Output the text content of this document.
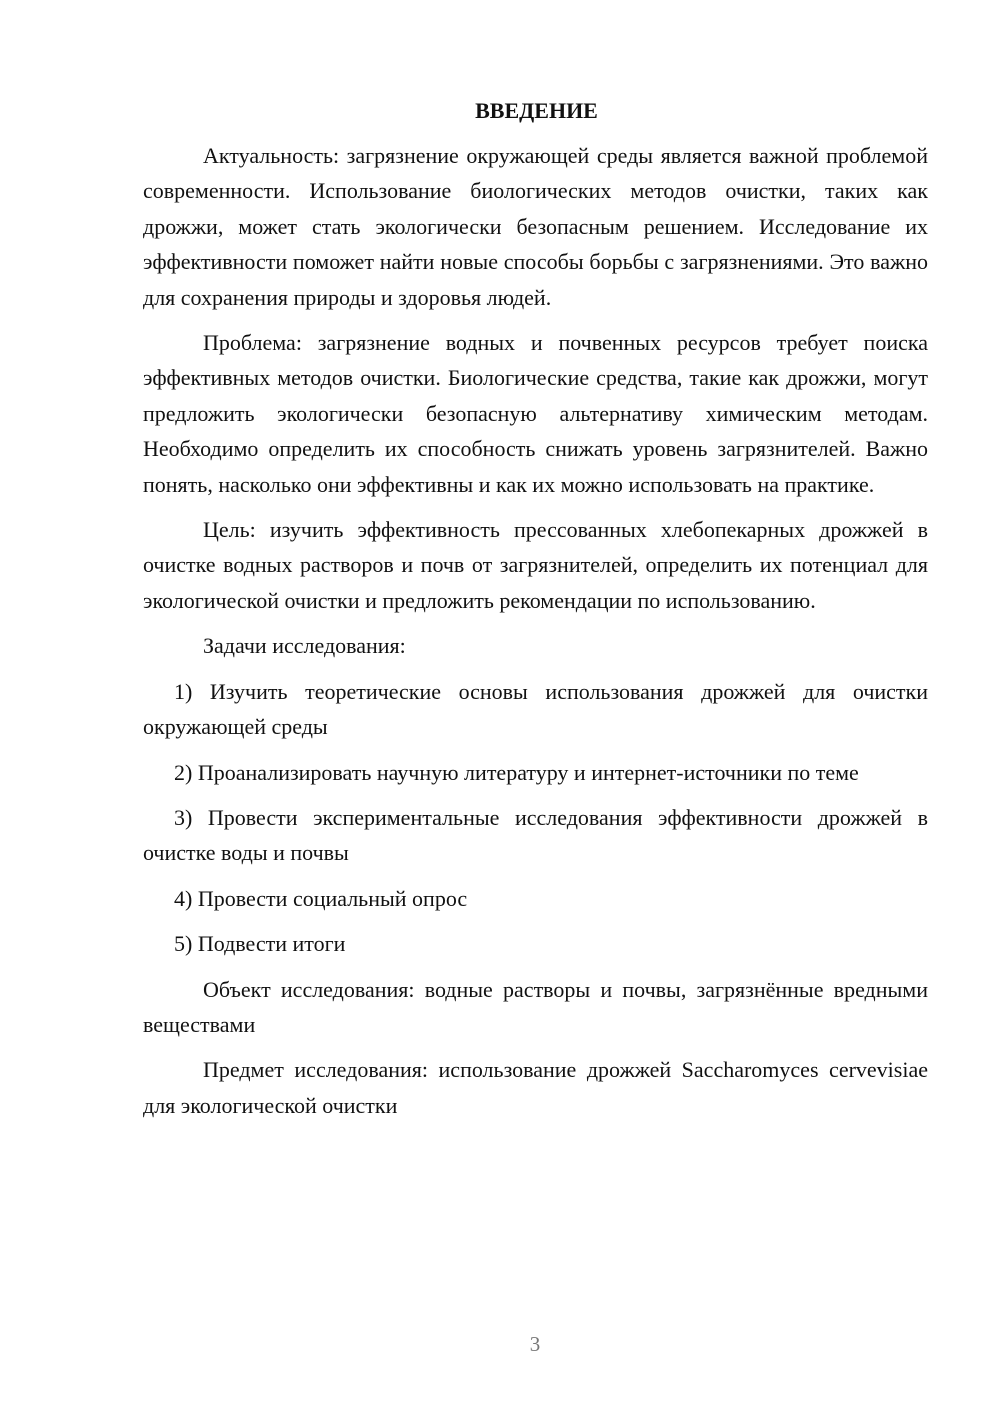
ВВЕДЕНИЕ

Актуальность: загрязнение окружающей среды является важной проблемой современности. Использование биологических методов очистки, таких как дрожжи, может стать экологически безопасным решением. Исследование их эффективности поможет найти новые способы борьбы с загрязнениями. Это важно для сохранения природы и здоровья людей.

Проблема: загрязнение водных и почвенных ресурсов требует поиска эффективных методов очистки. Биологические средства, такие как дрожжи, могут предложить экологически безопасную альтернативу химическим методам. Необходимо определить их способность снижать уровень загрязнителей. Важно понять, насколько они эффективны и как их можно использовать на практике.

Цель: изучить эффективность прессованных хлебопекарных дрожжей в очистке водных растворов и почв от загрязнителей, определить их потенциал для экологической очистки и предложить рекомендации по использованию.

Задачи исследования:

1) Изучить теоретические основы использования дрожжей для очистки окружающей среды

2) Проанализировать научную литературу и интернет-источники по теме

3) Провести экспериментальные исследования эффективности дрожжей в очистке воды и почвы

4) Провести социальный опрос

5) Подвести итоги

Объект исследования: водные растворы и почвы, загрязнённые вредными веществами

Предмет исследования: использование дрожжей Saccharomyces cervevisiae для экологической очистки

3
